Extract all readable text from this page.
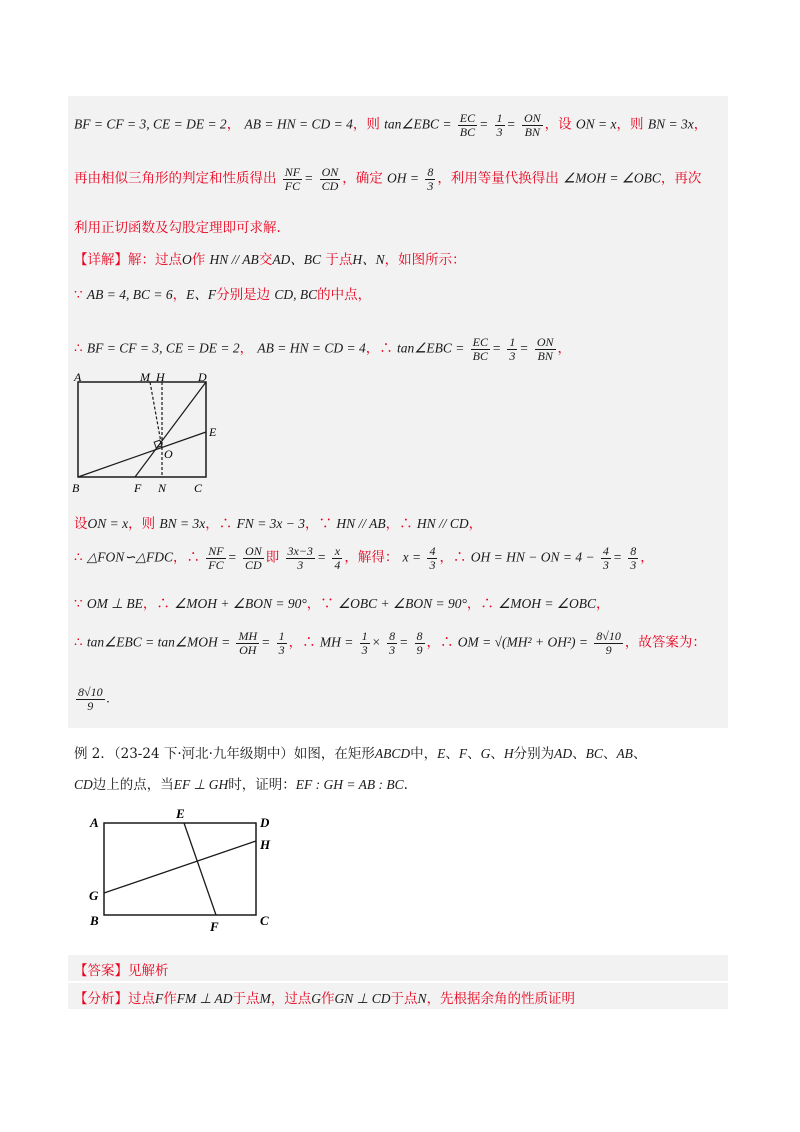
BF = CF = 3, CE = DE = 2， AB = HN = CD = 4，则 tan∠EBC = $\frac{EC}{BC} = \frac{1}{3} = \frac{ON}{BN}$ ，设 ON = x，则 BN = 3x，
再由相似三角形的判定和性质得出 $\frac{NF}{FC} = \frac{ON}{CD}$ ，确定 OH = $\frac{8}{3}$ ，利用等量代换得出 ∠MOH = ∠OBC，再次
利用正切函数及勾股定理即可求解.
【详解】解：过点O作 HN // AB交AD、BC 于点H、N，如图所示：
∵ AB = 4, BC = 6，E、F分别是边 CD, BC的中点，
∴ BF = CF = 3, CE = DE = 2， AB = HN = CD = 4，∴ tan∠EBC = $\frac{EC}{BC} = \frac{1}{3} = \frac{ON}{BN}$ ，
A	M H	D
E
O
B	F N C
设ON = x，则 BN = 3x，∴ FN = 3x − 3，∵ HN // AB，∴ HN // CD，
∴ △FON∽△FDC，∴ $\frac{NF}{FC} = \frac{ON}{CD}$ 即 $\frac{3x-3}{3} = \frac{x}{4}$ ，解得： $x = \frac{4}{3}$ ，∴ OH = HN − ON = $4 - \frac{4}{3} = \frac{8}{3}$ ，
∵ OM ⊥ BE，∴ ∠MOH + ∠BON = 90°，∵ ∠OBC + ∠BON = 90°，∴ ∠MOH = ∠OBC，
∴ tan∠EBC = tan∠MOH = $\frac{MH}{OH} = \frac{1}{3}$ ，∴ MH = $\frac{1}{3} \times \frac{8}{3} = \frac{8}{9}$ ，∴ OM = $√(MH^2 + OH^2) = \frac{8√10}{9}$ ，故答案为：
$\frac{8√10}{9}$ .
例 2．（23-24 下·河北·九年级期中）如图，在矩形ABCD中，E、F、G、H分别为AD、BC、AB、
CD边上的点，当EF ⊥ GH时，证明：EF : GH = AB : BC.
A
E
D
H
G
B	F	C
【答案】见解析
【分析】过点F作FM ⊥ AD于点M，过点G作GN ⊥ CD于点N，先根据余角的性质证明
